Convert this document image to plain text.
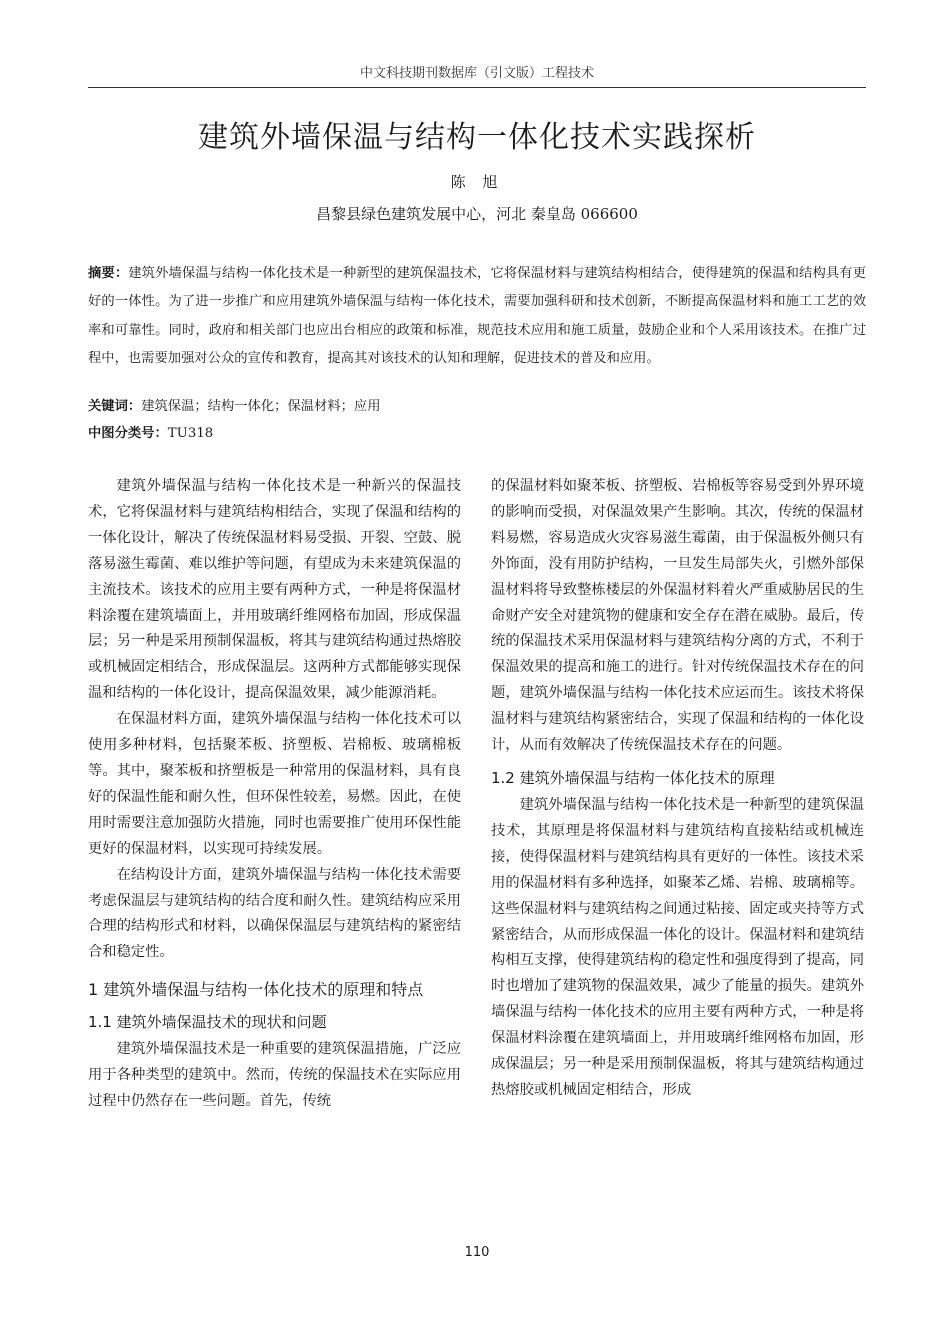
中文科技期刊数据库（引文版）工程技术
建筑外墙保温与结构一体化技术实践探析
陈 旭
昌黎县绿色建筑发展中心，河北 秦皇岛 066600

摘要：建筑外墙保温与结构一体化技术是一种新型的建筑保温技术，它将保温材料与建筑结构相结合，使得建筑的保温和结构具有更好的一体性。为了进一步推广和应用建筑外墙保温与结构一体化技术，需要加强科研和技术创新，不断提高保温材料和施工工艺的效率和可靠性。同时，政府和相关部门也应出台相应的政策和标准，规范技术应用和施工质量，鼓励企业和个人采用该技术。在推广过程中，也需要加强对公众的宣传和教育，提高其对该技术的认知和理解，促进技术的普及和应用。

关键词：建筑保温；结构一体化；保温材料；应用
中图分类号：TU318

建筑外墙保温与结构一体化技术是一种新兴的保温技术，它将保温材料与建筑结构相结合，实现了保温和结构的一体化设计，解决了传统保温材料易受损、开裂、空鼓、脱落易滋生霉菌、难以维护等问题，有望成为未来建筑保温的主流技术。该技术的应用主要有两种方式，一种是将保温材料涂覆在建筑墙面上，并用玻璃纤维网格布加固，形成保温层；另一种是采用预制保温板，将其与建筑结构通过热熔胶或机械固定相结合，形成保温层。这两种方式都能够实现保温和结构的一体化设计，提高保温效果，减少能源消耗。

在保温材料方面，建筑外墙保温与结构一体化技术可以使用多种材料，包括聚苯板、挤塑板、岩棉板、玻璃棉板等。其中，聚苯板和挤塑板是一种常用的保温材料，具有良好的保温性能和耐久性，但环保性较差，易燃。因此，在使用时需要注意加强防火措施，同时也需要推广使用环保性能更好的保温材料，以实现可持续发展。

在结构设计方面，建筑外墙保温与结构一体化技术需要考虑保温层与建筑结构的结合度和耐久性。建筑结构应采用合理的结构形式和材料，以确保保温层与建筑结构的紧密结合和稳定性。

1 建筑外墙保温与结构一体化技术的原理和特点
1.1 建筑外墙保温技术的现状和问题

建筑外墙保温技术是一种重要的建筑保温措施，广泛应用于各种类型的建筑中。然而，传统的保温技术在实际应用过程中仍然存在一些问题。首先，传统

的保温材料如聚苯板、挤塑板、岩棉板等容易受到外界环境的影响而受损，对保温效果产生影响。其次，传统的保温材料易燃，容易造成火灾容易滋生霉菌，由于保温板外侧只有外饰面，没有用防护结构，一旦发生局部失火，引燃外部保温材料将导致整栋楼层的外保温材料着火严重威胁居民的生命财产安全对建筑物的健康和安全存在潜在威胁。最后，传统的保温技术采用保温材料与建筑结构分离的方式，不利于保温效果的提高和施工的进行。针对传统保温技术存在的问题，建筑外墙保温与结构一体化技术应运而生。该技术将保温材料与建筑结构紧密结合，实现了保温和结构的一体化设计，从而有效解决了传统保温技术存在的问题。

1.2 建筑外墙保温与结构一体化技术的原理

建筑外墙保温与结构一体化技术是一种新型的建筑保温技术，其原理是将保温材料与建筑结构直接粘结或机械连接，使得保温材料与建筑结构具有更好的一体性。该技术采用的保温材料有多种选择，如聚苯乙烯、岩棉、玻璃棉等。这些保温材料与建筑结构之间通过粘接、固定或夹持等方式紧密结合，从而形成保温一体化的设计。保温材料和建筑结构相互支撑，使得建筑结构的稳定性和强度得到了提高，同时也增加了建筑物的保温效果，减少了能量的损失。建筑外墙保温与结构一体化技术的应用主要有两种方式，一种是将保温材料涂覆在建筑墙面上，并用玻璃纤维网格布加固，形成保温层；另一种是采用预制保温板，将其与建筑结构通过热熔胶或机械固定相结合，形成

110
